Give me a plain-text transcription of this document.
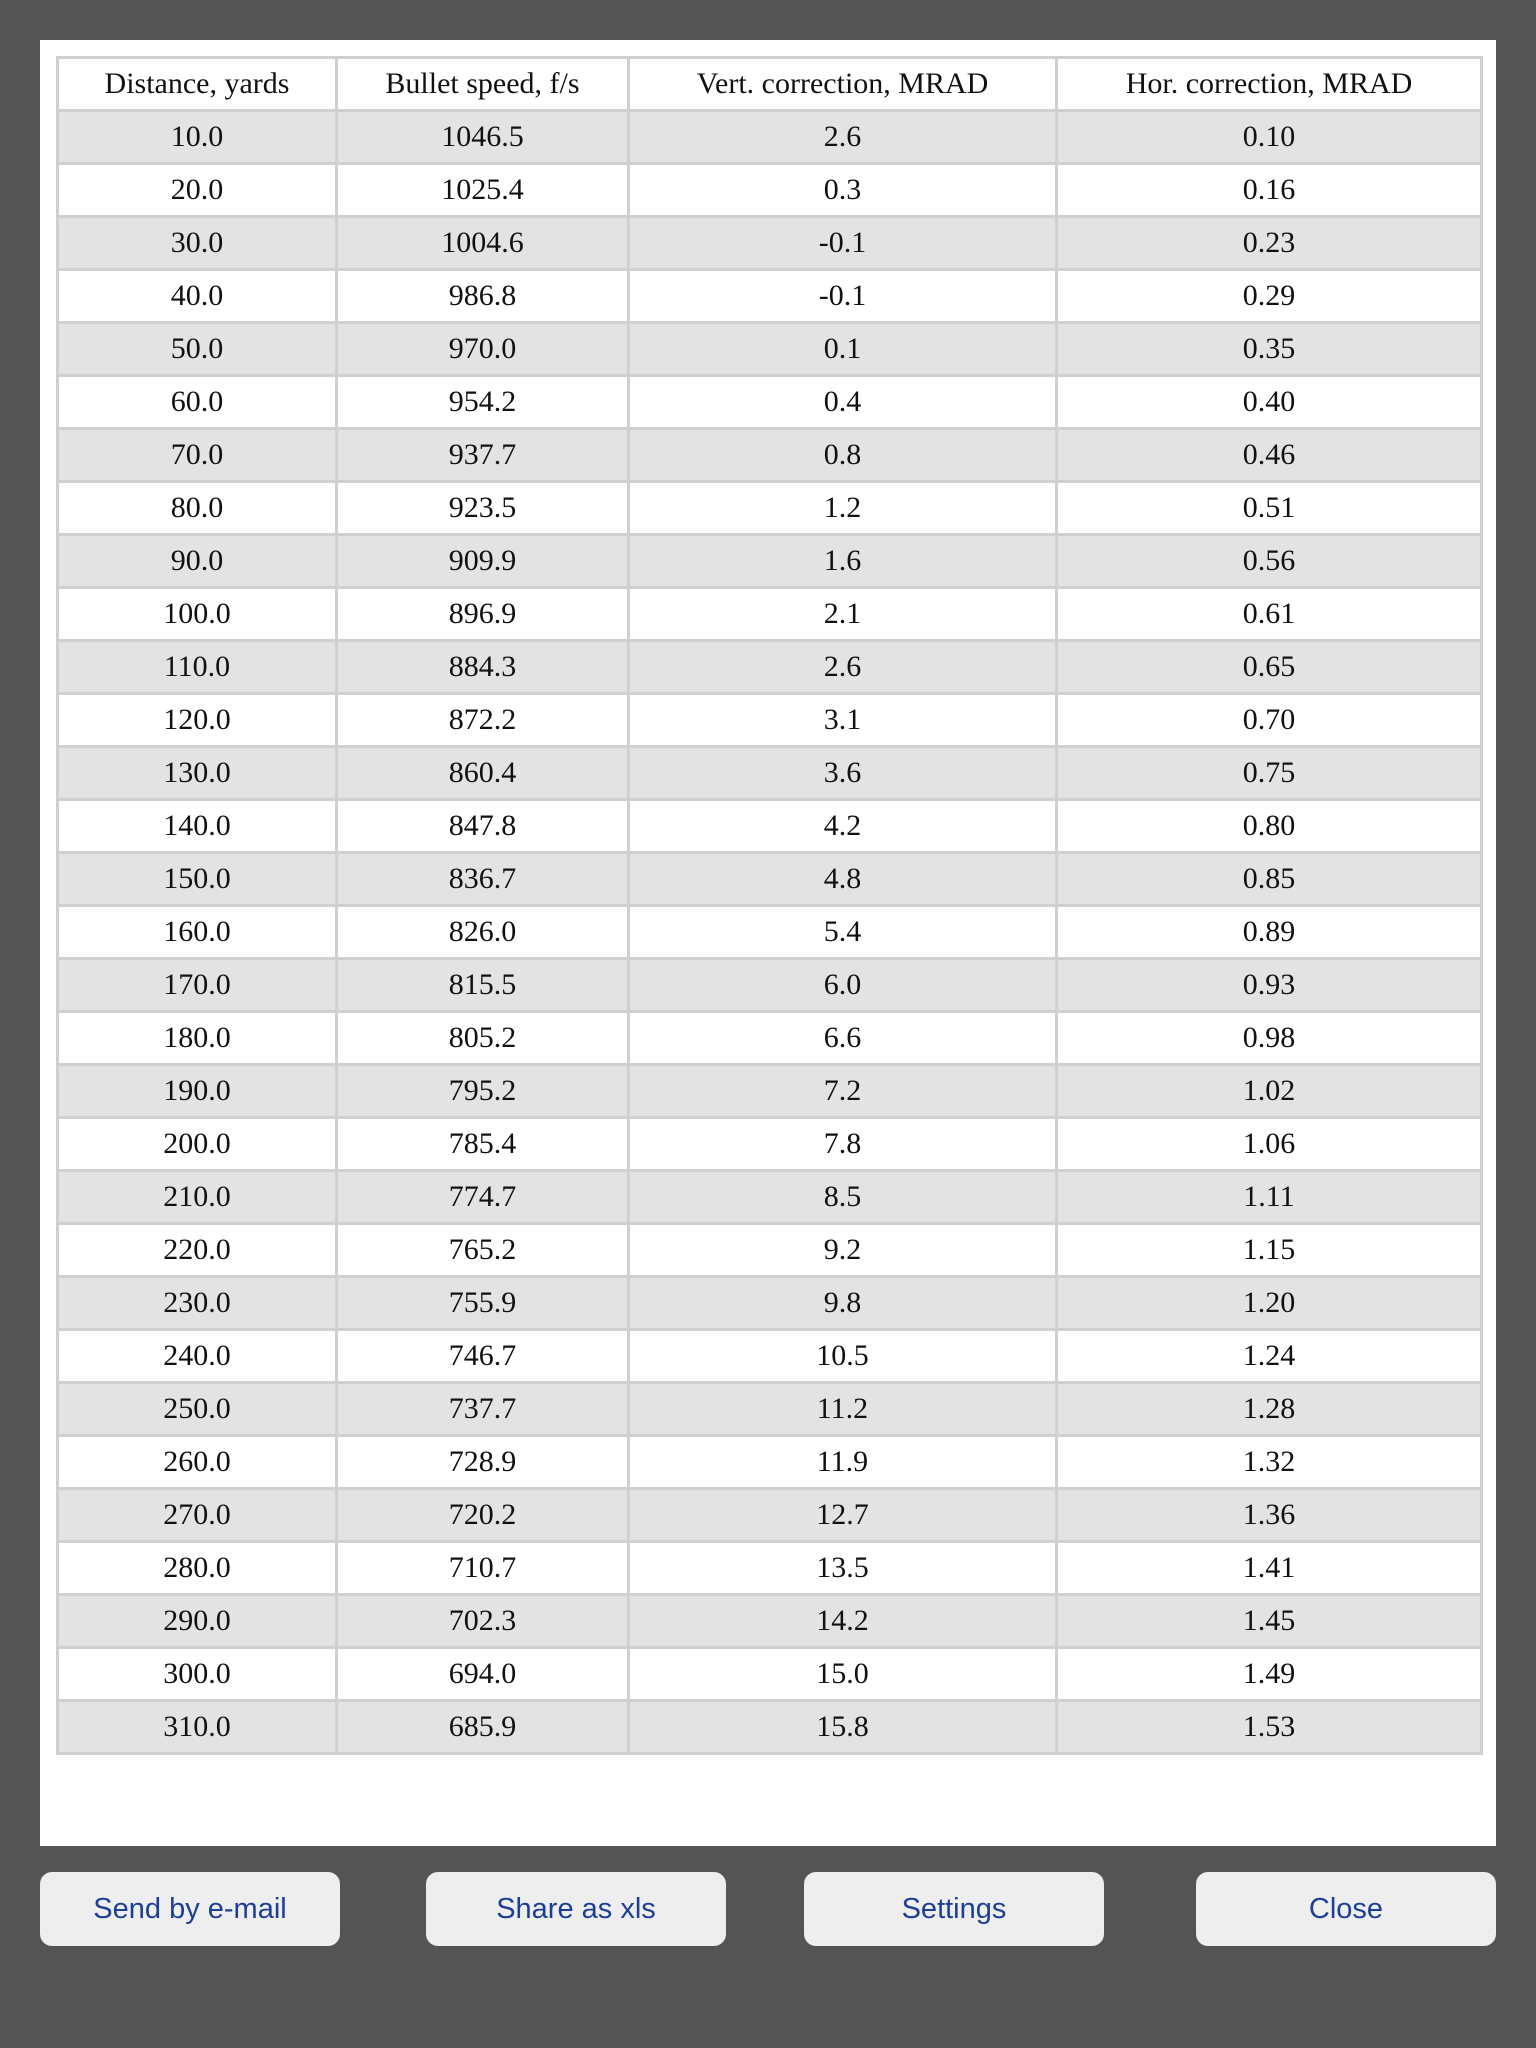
Distance, yards	Bullet speed, f/s	Vert. correction, MRAD	Hor. correction, MRAD
10.0	1046.5	2.6	0.10
20.0	1025.4	0.3	0.16
30.0	1004.6	-0.1	0.23
40.0	986.8	-0.1	0.29
50.0	970.0	0.1	0.35
60.0	954.2	0.4	0.40
70.0	937.7	0.8	0.46
80.0	923.5	1.2	0.51
90.0	909.9	1.6	0.56
100.0	896.9	2.1	0.61
110.0	884.3	2.6	0.65
120.0	872.2	3.1	0.70
130.0	860.4	3.6	0.75
140.0	847.8	4.2	0.80
150.0	836.7	4.8	0.85
160.0	826.0	5.4	0.89
170.0	815.5	6.0	0.93
180.0	805.2	6.6	0.98
190.0	795.2	7.2	1.02
200.0	785.4	7.8	1.06
210.0	774.7	8.5	1.11
220.0	765.2	9.2	1.15
230.0	755.9	9.8	1.20
240.0	746.7	10.5	1.24
250.0	737.7	11.2	1.28
260.0	728.9	11.9	1.32
270.0	720.2	12.7	1.36
280.0	710.7	13.5	1.41
290.0	702.3	14.2	1.45
300.0	694.0	15.0	1.49
310.0	685.9	15.8	1.53
Send by e-mail	Share as xls	Settings	Close
